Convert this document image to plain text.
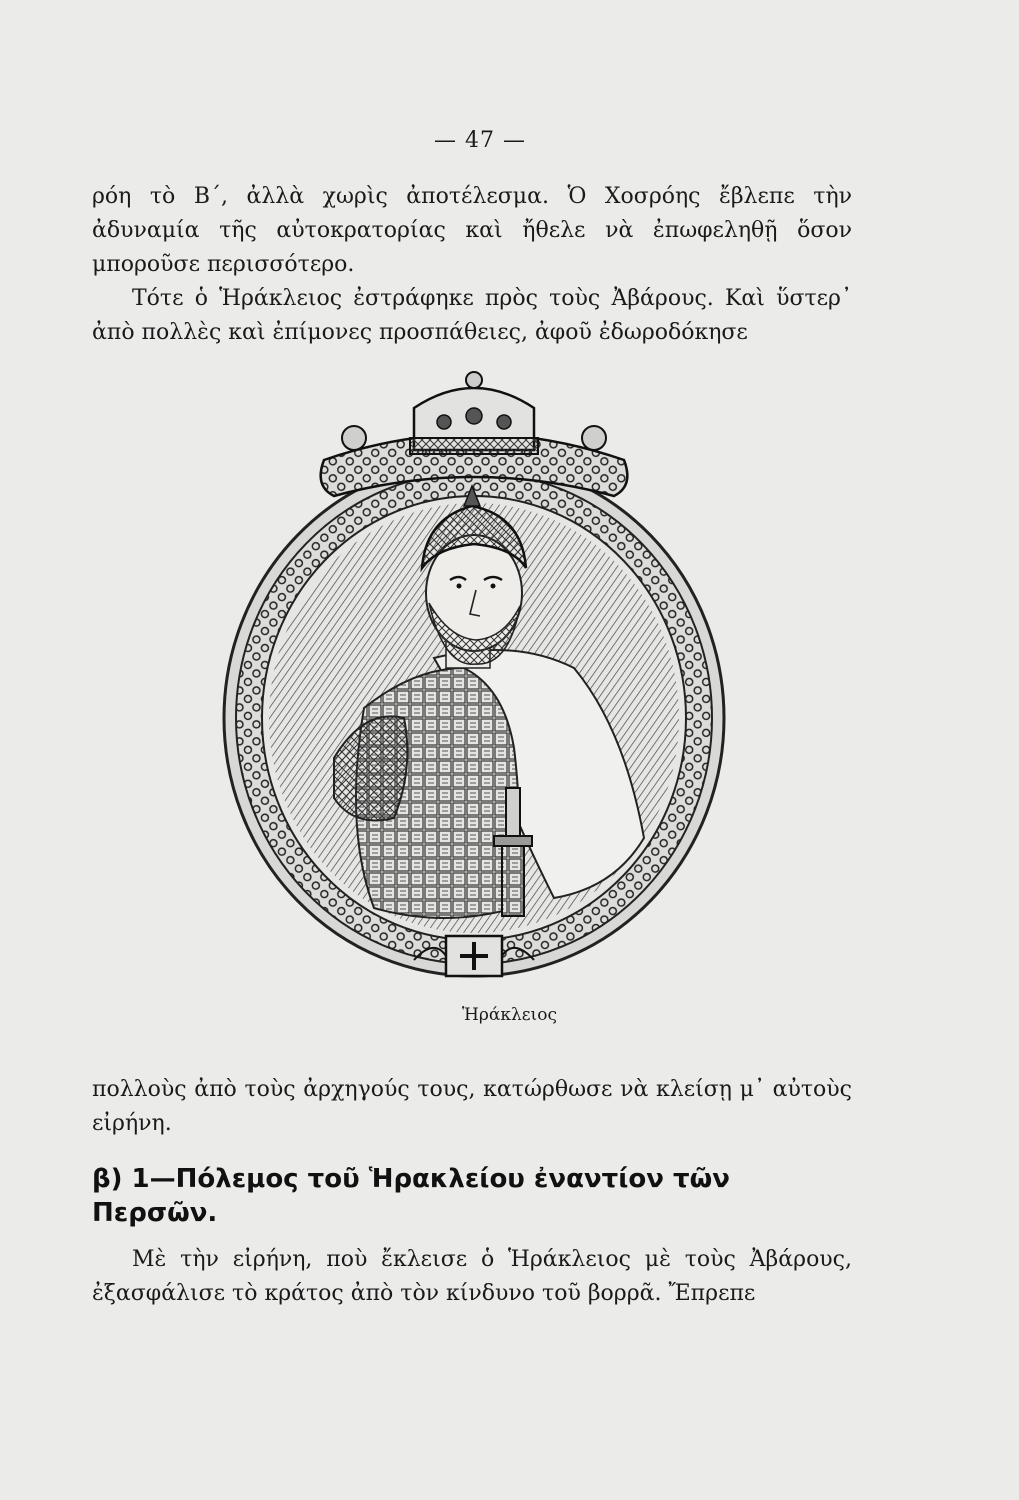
— 47 —

ρόη τὸ Β΄, ἀλλὰ χωρὶς ἀποτέλεσμα. Ὁ Χοσρόης ἔβλεπε τὴν ἀδυναμία τῆς αὐτοκρατορίας καὶ ἤθελε νὰ ἐπωφεληθῇ ὅσον μποροῦσε περισσότερο.

Τότε ὁ Ἡράκλειος ἐστράφηκε πρὸς τοὺς Ἀβάρους. Καὶ ὕστερ᾽ ἀπὸ πολλὲς καὶ ἐπίμονες προσπάθειες, ἀφοῦ ἐδωροδόκησε

Ἡράκλειος

πολλοὺς ἀπὸ τοὺς ἀρχηγούς τους, κατώρθωσε νὰ κλείσῃ μ᾽ αὐτοὺς εἰρήνη.

β) 1—Πόλεμος τοῦ Ἡρακλείου ἐναντίον τῶν Περσῶν.

Μὲ τὴν εἰρήνη, ποὺ ἔκλεισε ὁ Ἡράκλειος μὲ τοὺς Ἀβάρους, ἐξασφάλισε τὸ κράτος ἀπὸ τὸν κίνδυνο τοῦ βορρᾶ. Ἔπρεπε
